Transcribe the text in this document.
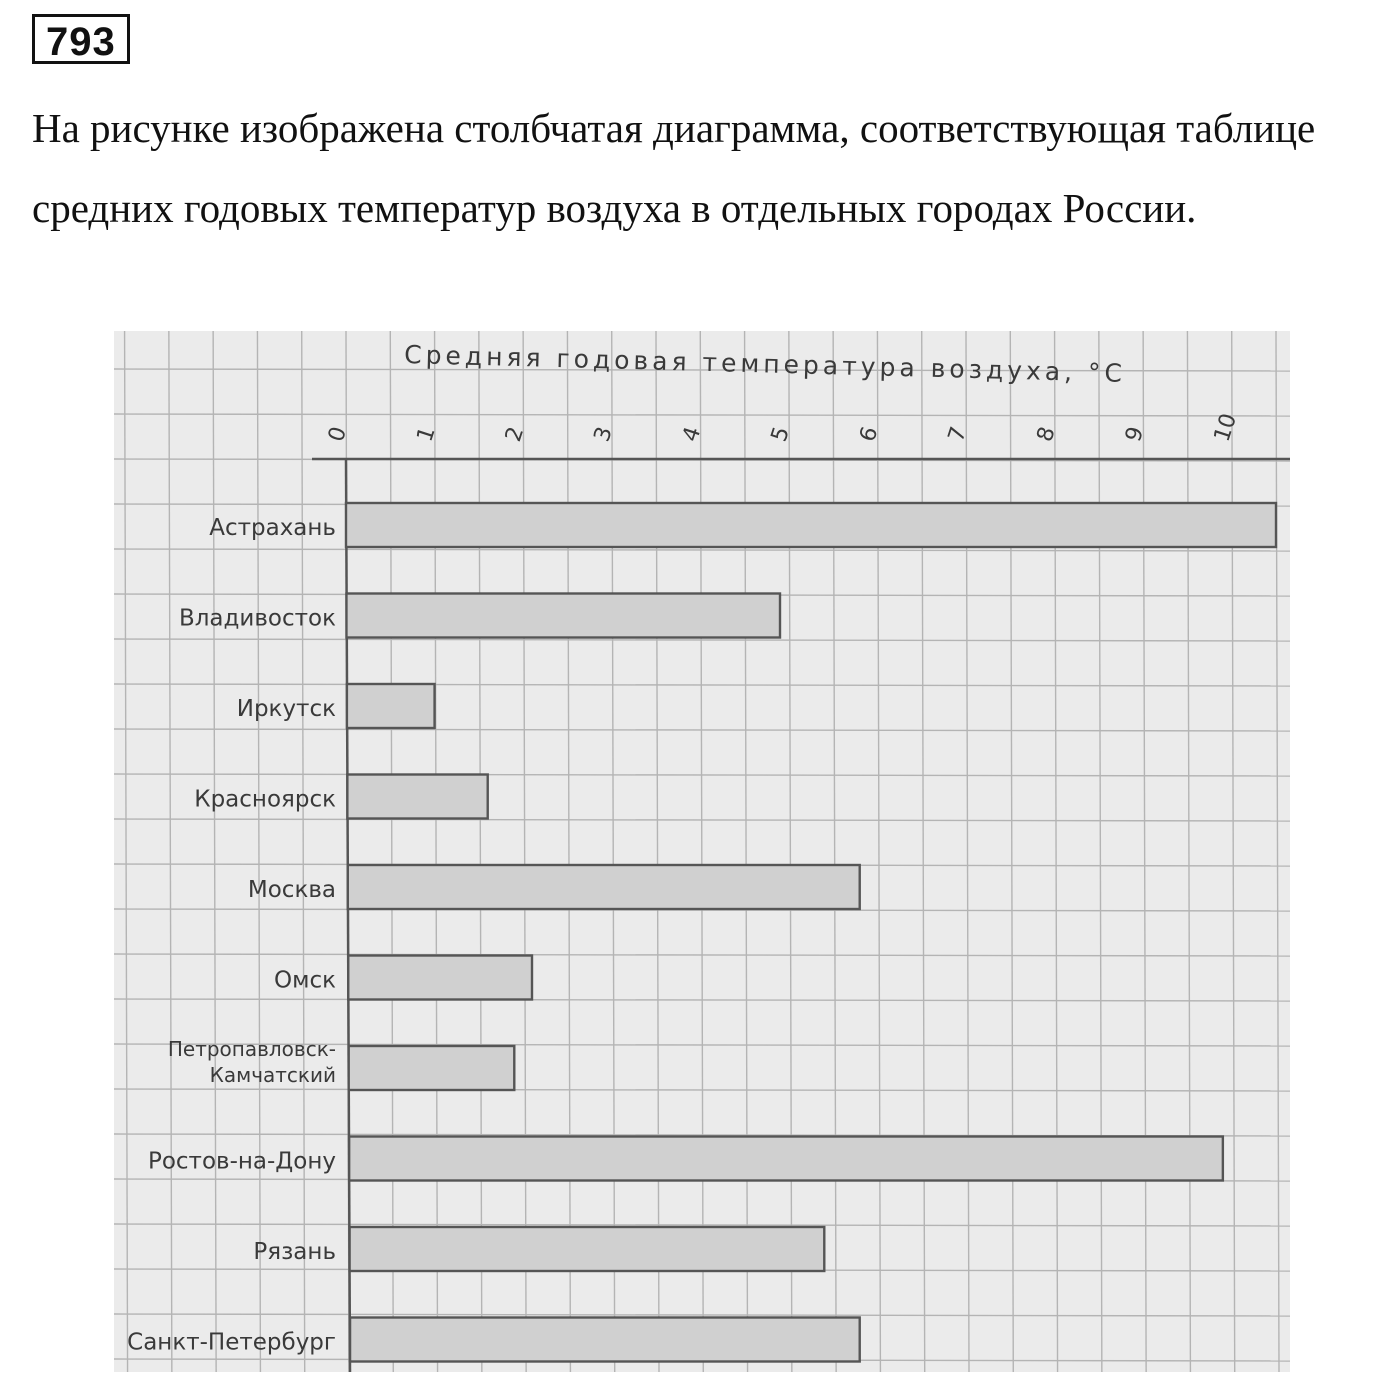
793

На рисунке изображена столбчатая диаграмма, соответствующая таблице средних годовых температур воздуха в отдельных городах России.

Средняя годовая температура воздуха, °С
0	1	2	3	4	5	6	7	8	9	10
Астрахань
Владивосток
Иркутск
Красноярск
Москва
Омск
Петропавловск-Камчатский
Ростов-на-Дону
Рязань
Санкт-Петербург
